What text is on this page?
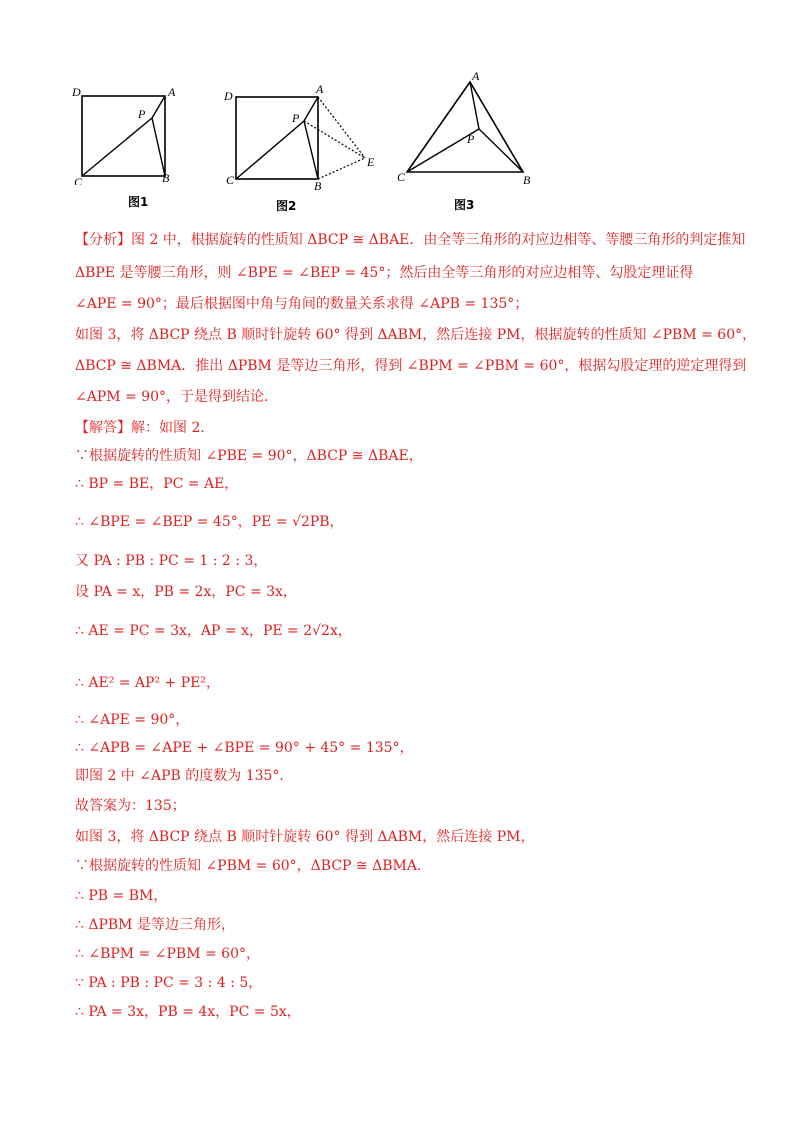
D	A
P
C	B
图1
D	A
P
C	B
E
图2
A
P
C	B
图3
【分析】图 2 中，根据旋转的性质知 ΔBCP ≅ ΔBAE．由全等三角形的对应边相等、等腰三角形的判定推知
ΔBPE 是等腰三角形，则 ∠BPE = ∠BEP = 45°；然后由全等三角形的对应边相等、勾股定理证得
∠APE = 90°；最后根据图中角与角间的数量关系求得 ∠APB = 135°；
如图 3，将 ΔBCP 绕点 B 顺时针旋转 60° 得到 ΔABM，然后连接 PM，根据旋转的性质知 ∠PBM = 60°，
ΔBCP ≅ ΔBMA．推出 ΔPBM 是等边三角形，得到 ∠BPM = ∠PBM = 60°，根据勾股定理的逆定理得到
∠APM = 90°，于是得到结论．
【解答】解：如图 2．
∵根据旋转的性质知 ∠PBE = 90°，ΔBCP ≅ ΔBAE，
∴ BP = BE，PC = AE，
∴ ∠BPE = ∠BEP = 45°，PE = √2PB，
又 PA : PB : PC = 1 : 2 : 3，
设 PA = x，PB = 2x，PC = 3x，
∴ AE = PC = 3x，AP = x，PE = 2√2x，
∴ AE² = AP² + PE²，
∴ ∠APE = 90°，
∴ ∠APB = ∠APE + ∠BPE = 90° + 45° = 135°，
即图 2 中 ∠APB 的度数为 135°．
故答案为：135；
如图 3，将 ΔBCP 绕点 B 顺时针旋转 60° 得到 ΔABM，然后连接 PM，
∵根据旋转的性质知 ∠PBM = 60°，ΔBCP ≅ ΔBMA．
∴ PB = BM，
∴ ΔPBM 是等边三角形，
∴ ∠BPM = ∠PBM = 60°，
∵ PA : PB : PC = 3 : 4 : 5，
∴ PA = 3x，PB = 4x，PC = 5x，
